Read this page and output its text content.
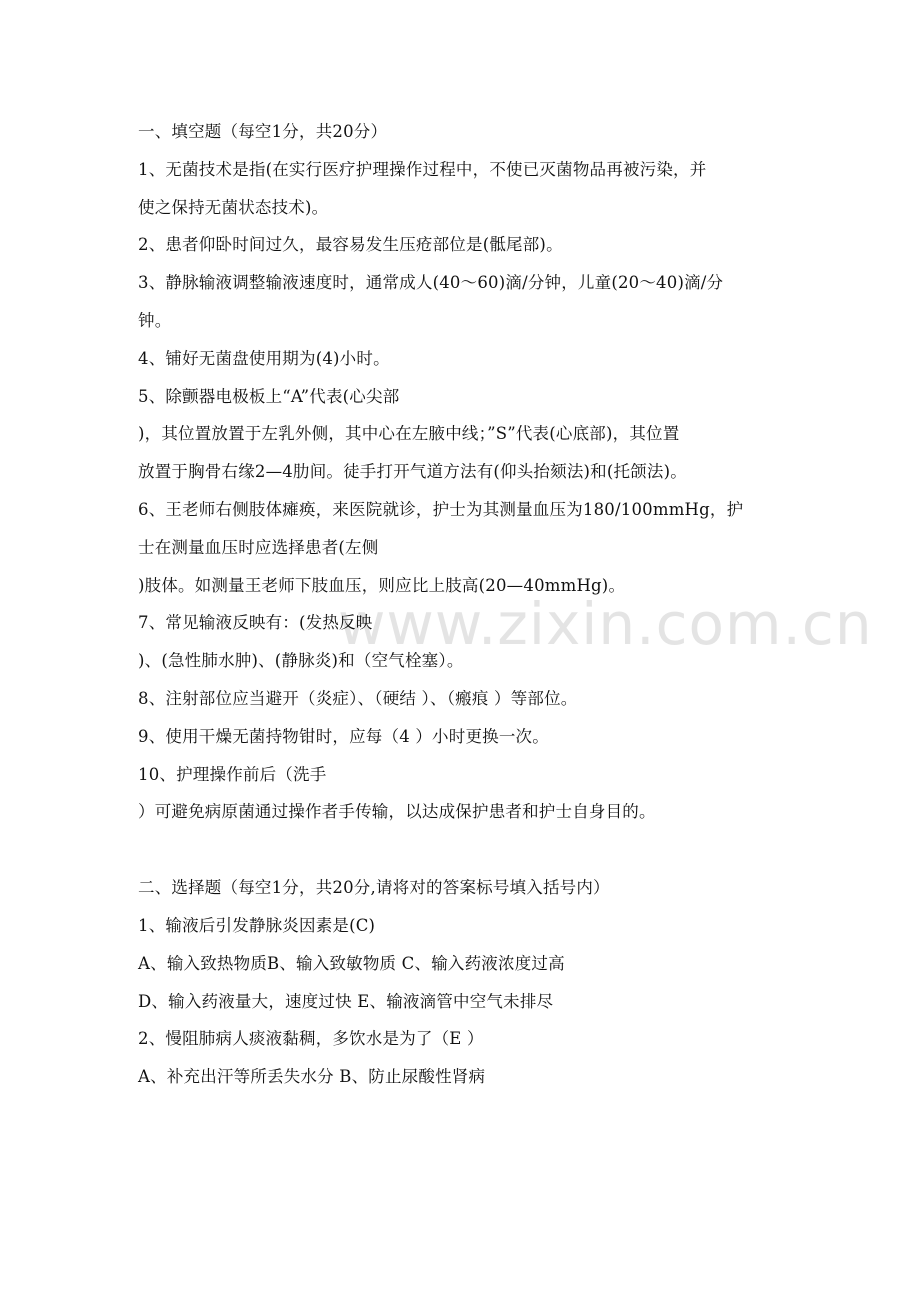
www.zixin.com.cn
一、填空题（每空1分，共20分）
1、无菌技术是指(在实行医疗护理操作过程中，不使已灭菌物品再被污染，并
使之保持无菌状态技术)。
2、患者仰卧时间过久，最容易发生压疮部位是(骶尾部)。
3、静脉输液调整输液速度时，通常成人(40～60)滴/分钟，儿童(20～40)滴/分
钟。
4、铺好无菌盘使用期为(4)小时。
5、除颤器电极板上“A”代表(心尖部
)，其位置放置于左乳外侧，其中心在左腋中线；”S”代表(心底部)，其位置
放置于胸骨右缘2—4肋间。徒手打开气道方法有(仰头抬颏法)和(托颌法)。
6、王老师右侧肢体瘫痪，来医院就诊，护士为其测量血压为180/100mmHg，护
士在测量血压时应选择患者(左侧
)肢体。如测量王老师下肢血压，则应比上肢高(20—40mmHg)。
7、常见输液反映有：(发热反映
)、(急性肺水肿)、(静脉炎)和（空气栓塞）。
8、注射部位应当避开（炎症）、（硬结 ）、（瘢痕 ）等部位。
9、使用干燥无菌持物钳时，应每（4 ）小时更换一次。
10、护理操作前后（洗手
）可避免病原菌通过操作者手传输，以达成保护患者和护士自身目的。
二、选择题（每空1分，共20分,请将对的答案标号填入括号内）
1、输液后引发静脉炎因素是(C)
A、输入致热物质B、输入致敏物质 C、输入药液浓度过高
D、输入药液量大，速度过快 E、输液滴管中空气未排尽
2、慢阻肺病人痰液黏稠，多饮水是为了（E ）
A、补充出汗等所丢失水分 B、防止尿酸性肾病
